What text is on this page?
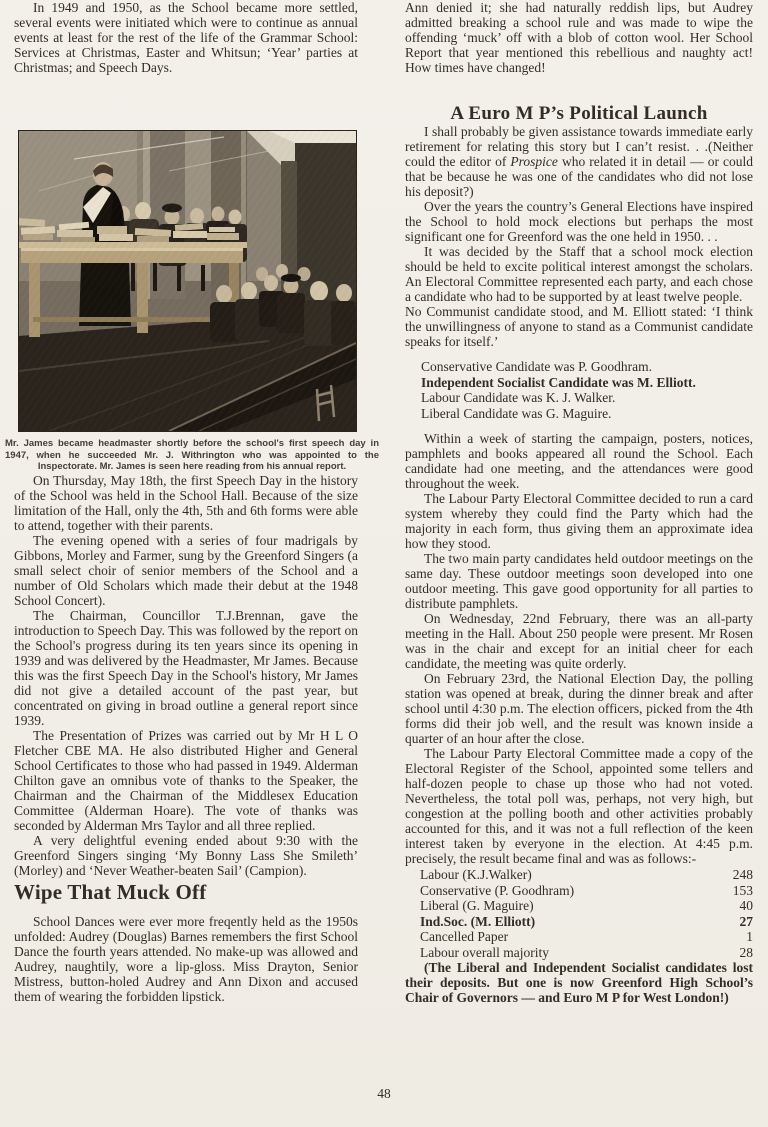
In 1949 and 1950, as the School became more settled, several events were initiated which were to continue as annual events at least for the rest of the life of the Grammar School: Services at Christmas, Easter and Whitsun; ‘Year’ parties at Christmas; and Speech Days.

Mr. James became headmaster shortly before the school's first speech day in 1947, when he succeeded Mr. J. Withrington who was appointed to the Inspectorate. Mr. James is seen here reading from his annual report.

On Thursday, May 18th, the first Speech Day in the history of the School was held in the School Hall. Because of the size limitation of the Hall, only the 4th, 5th and 6th forms were able to attend, together with their parents.

The evening opened with a series of four madrigals by Gibbons, Morley and Farmer, sung by the Greenford Singers (a small select choir of senior members of the School and a number of Old Scholars which made their debut at the 1948 School Concert).

The Chairman, Councillor T.J.Brennan, gave the introduction to Speech Day. This was followed by the report on the School's progress during its ten years since its opening in 1939 and was delivered by the Headmaster, Mr James. Because this was the first Speech Day in the School's history, Mr James did not give a detailed account of the past year, but concentrated on giving in broad outline a general report since 1939.

The Presentation of Prizes was carried out by Mr H L O Fletcher CBE MA. He also distributed Higher and General School Certificates to those who had passed in 1949. Alderman Chilton gave an omnibus vote of thanks to the Speaker, the Chairman and the Chairman of the Middlesex Education Committee (Alderman Hoare). The vote of thanks was seconded by Alderman Mrs Taylor and all three replied.

A very delightful evening ended about 9:30 with the Greenford Singers singing ‘My Bonny Lass She Smileth’ (Morley) and ‘Never Weather-beaten Sail’ (Campion).

Wipe That Muck Off

School Dances were ever more freqently held as the 1950s unfolded: Audrey (Douglas) Barnes remembers the first School Dance the fourth years attended. No make-up was allowed and Audrey, naughtily, wore a lip-gloss. Miss Drayton, Senior Mistress, button-holed Audrey and Ann Dixon and accused them of wearing the forbidden lipstick.

Ann denied it; she had naturally reddish lips, but Audrey admitted breaking a school rule and was made to wipe the offending ‘muck’ off with a blob of cotton wool. Her School Report that year mentioned this rebellious and naughty act! How times have changed!

A Euro M P’s Political Launch

I shall probably be given assistance towards immediate early retirement for relating this story but I can’t resist. . .(Neither could the editor of Prospice who related it in detail — or could that be because he was one of the candidates who did not lose his deposit?)

Over the years the country’s General Elections have inspired the School to hold mock elections but perhaps the most significant one for Greenford was the one held in 1950. . .

It was decided by the Staff that a school mock election should be held to excite political interest amongst the scholars. An Electoral Committee represented each party, and each chose a candidate who had to be supported by at least twelve people.

No Communist candidate stood, and M. Elliott stated: ‘I think the unwillingness of anyone to stand as a Communist candidate speaks for itself.’

Conservative Candidate was P. Goodhram.
Independent Socialist Candidate was M. Elliott.
Labour Candidate was K. J. Walker.
Liberal Candidate was G. Maguire.

Within a week of starting the campaign, posters, notices, pamphlets and books appeared all round the School. Each candidate had one meeting, and the attendances were good throughout the week.

The Labour Party Electoral Committee decided to run a card system whereby they could find the Party which had the majority in each form, thus giving them an approximate idea how they stood.

The two main party candidates held outdoor meetings on the same day. These outdoor meetings soon developed into one outdoor meeting. This gave good opportunity for all parties to distribute pamphlets.

On Wednesday, 22nd February, there was an all-party meeting in the Hall. About 250 people were present. Mr Rosen was in the chair and except for an initial cheer for each candidate, the meeting was quite orderly.

On February 23rd, the National Election Day, the polling station was opened at break, during the dinner break and after school until 4:30 p.m. The election officers, picked from the 4th forms did their job well, and the result was known inside a quarter of an hour after the close.

The Labour Party Electoral Committee made a copy of the Electoral Register of the School, appointed some tellers and half-dozen people to chase up those who had not voted. Nevertheless, the total poll was, perhaps, not very high, but congestion at the polling booth and other activities probably accounted for this, and it was not a full reflection of the keen interest taken by everyone in the election. At 4:45 p.m. precisely, the result became final and was as follows:-

Labour (K.J.Walker)	248
Conservative (P. Goodhram)	153
Liberal (G. Maguire)	40
Ind.Soc. (M. Elliott)	27
Cancelled Paper	1
Labour overall majority	28

(The Liberal and Independent Socialist candidates lost their deposits. But one is now Greenford High School’s Chair of Governors — and Euro M P for West London!)

48
